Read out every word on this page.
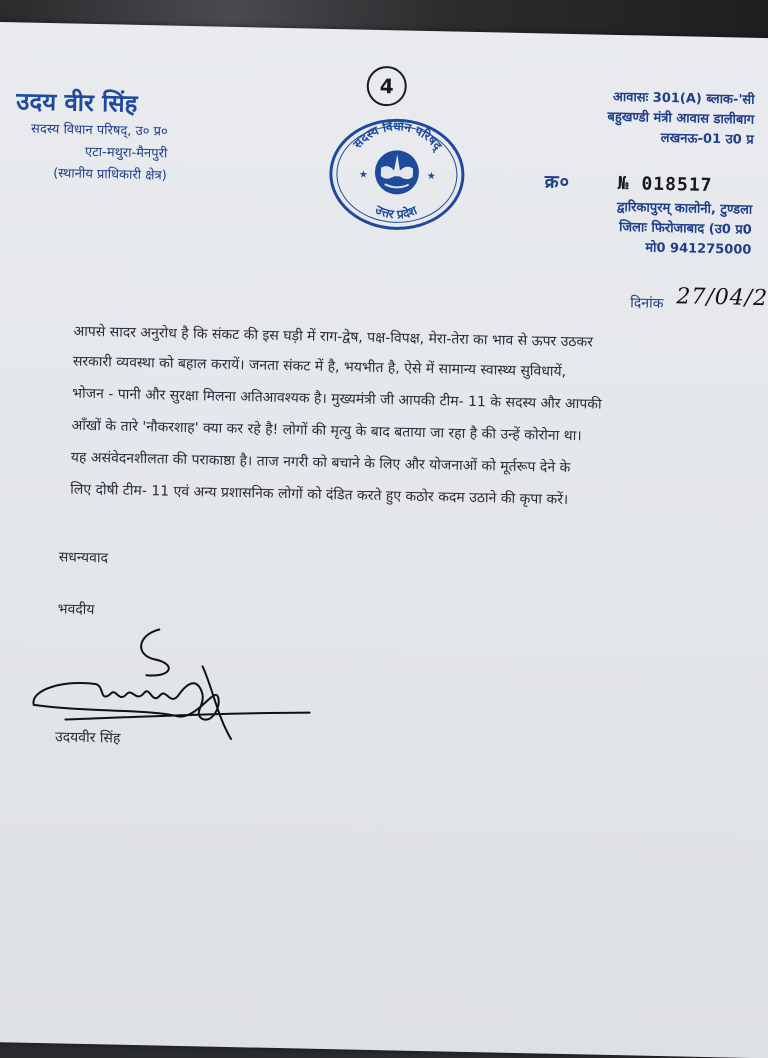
4
उदय वीर सिंह
सदस्य विधान परिषद्, उ० प्र०
एटा-मथुरा-मैनपुरी
(स्थानीय प्राधिकारी क्षेत्र)
सदस्य विधान परिषद्
उत्तर प्रदेश
★	★
आवासः 301(A) ब्लाक-'सी
बहुखण्डी मंत्री आवास डालीबाग
लखनऊ-01 उ0 प्र
क्र०	№ 018517
द्वारिकापुरम् कालोनी, टुण्डला
जिलाः फिरोजाबाद (उ0 प्र0
मो0 941275000
दिनांक 27/04/2
आपसे सादर अनुरोध है कि संकट की इस घड़ी में राग-द्वेष, पक्ष-विपक्ष, मेरा-तेरा का भाव से ऊपर उठकर
सरकारी व्यवस्था को बहाल करायें। जनता संकट में है, भयभीत है, ऐसे में सामान्य स्वास्थ्य सुविधायें,
भोजन - पानी और सुरक्षा मिलना अतिआवश्यक है। मुख्यमंत्री जी आपकी टीम- 11 के सदस्य और आपकी
आँखों के तारे 'नौकरशाह' क्या कर रहे है! लोगों की मृत्यु के बाद बताया जा रहा है की उन्हें कोरोना था।
यह असंवेदनशीलता की पराकाष्ठा है। ताज नगरी को बचाने के लिए और योजनाओं को मूर्तरूप देने के
लिए दोषी टीम- 11 एवं अन्य प्रशासनिक लोगों को दंडित करते हुए कठोर कदम उठाने की कृपा करें।
सधन्यवाद
भवदीय
उदयवीर सिंह
